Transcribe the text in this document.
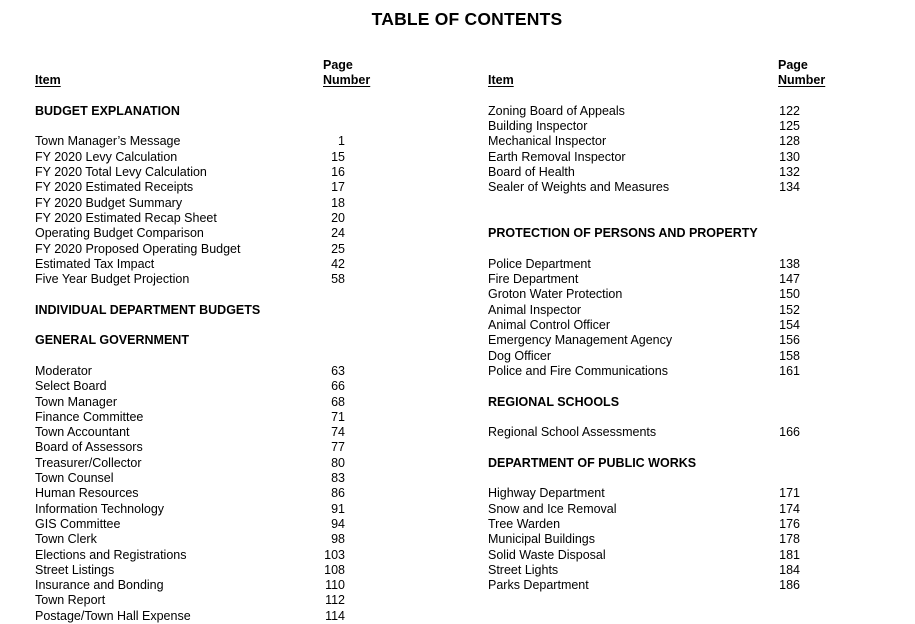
TABLE OF CONTENTS
Item
Page
Number
BUDGET EXPLANATION
Town Manager’s Message	1
FY 2020 Levy Calculation	15
FY 2020 Total Levy Calculation	16
FY 2020 Estimated Receipts	17
FY 2020 Budget Summary	18
FY 2020 Estimated Recap Sheet	20
Operating Budget Comparison	24
FY 2020 Proposed Operating Budget	25
Estimated Tax Impact	42
Five Year Budget Projection	58
INDIVIDUAL DEPARTMENT BUDGETS
GENERAL GOVERNMENT
Moderator	63
Select Board	66
Town Manager	68
Finance Committee	71
Town Accountant	74
Board of Assessors	77
Treasurer/Collector	80
Town Counsel	83
Human Resources	86
Information Technology	91
GIS Committee	94
Town Clerk	98
Elections and Registrations	103
Street Listings	108
Insurance and Bonding	110
Town Report	112
Postage/Town Hall Expense	114
Item
Page
Number
Zoning Board of Appeals	122
Building Inspector	125
Mechanical Inspector	128
Earth Removal Inspector	130
Board of Health	132
Sealer of Weights and Measures	134
PROTECTION OF PERSONS AND PROPERTY
Police Department	138
Fire Department	147
Groton Water Protection	150
Animal Inspector	152
Animal Control Officer	154
Emergency Management Agency	156
Dog Officer	158
Police and Fire Communications	161
REGIONAL SCHOOLS
Regional School Assessments	166
DEPARTMENT OF PUBLIC WORKS
Highway Department	171
Snow and Ice Removal	174
Tree Warden	176
Municipal Buildings	178
Solid Waste Disposal	181
Street Lights	184
Parks Department	186
